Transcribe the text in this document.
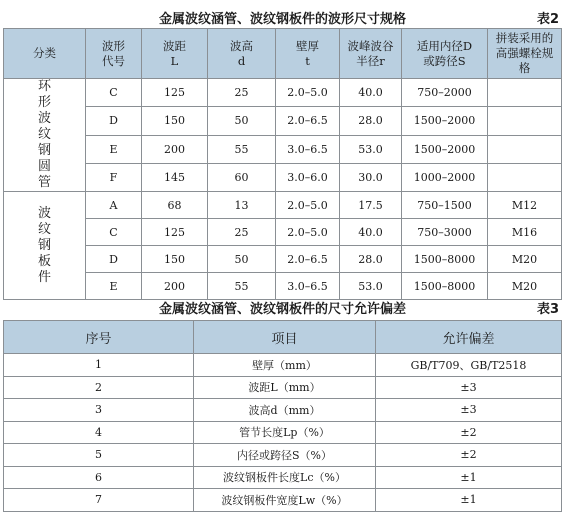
金属波纹涵管、波纹钢板件的波形尺寸规格	表2
分类	波形代号	波距L	波高d	壁厚t	波峰波谷半径r	适用内径D或跨径S	拼装采用的高强螺栓规格

环形波纹钢圆管	C	125	25	2.0–5.0	40.0	750–2000	
	D	150	50	2.0–6.5	28.0	1500–2000	
	E	200	55	3.0–6.5	53.0	1500–2000	
	F	145	60	3.0–6.0	30.0	1000–2000	
波纹钢板件	A	68	13	2.0–5.0	17.5	750–1500	M12
	C	125	25	2.0–5.0	40.0	750–3000	M16
	D	150	50	2.0–6.5	28.0	1500–8000	M20
	E	200	55	3.0–6.5	53.0	1500–8000	M20
金属波纹涵管、波纹钢板件的尺寸允许偏差	表3
序号	项目	允许偏差
1	壁厚（mm）	GB/T709、GB/T2518
2	波距L（mm）	±3
3	波高d（mm）	±3
4	管节长度Lp（%）	±2
5	内径或跨径S（%）	±2
6	波纹钢板件长度Lc（%）	±1
7	波纹钢板件宽度Lw（%）	±1
